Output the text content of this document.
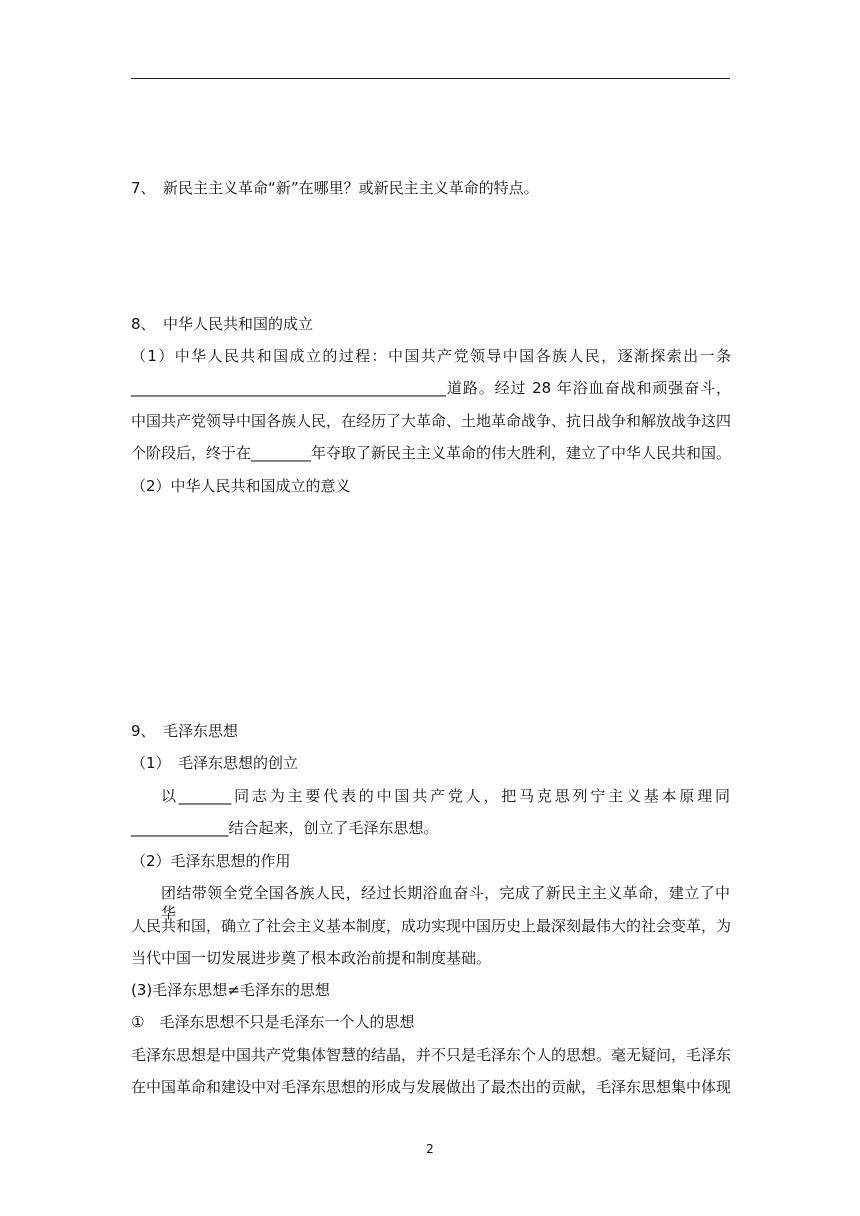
7、　新民主主义革命“新”在哪里？或新民主主义革命的特点。
8、　中华人民共和国的成立
（1）中华人民共和国成立的过程：中国共产党领导中国各族人民，逐渐探索出一条
__________________________________________道路。经过 28 年浴血奋战和顽强奋斗，
中国共产党领导中国各族人民，在经历了大革命、土地革命战争、抗日战争和解放战争这四
个阶段后，终于在________年夺取了新民主主义革命的伟大胜利，建立了中华人民共和国。
（2）中华人民共和国成立的意义
9、　毛泽东思想
（1）　毛泽东思想的创立
以_______同志为主要代表的中国共产党人，把马克思列宁主义基本原理同
_____________结合起来，创立了毛泽东思想。
（2）毛泽东思想的作用
团结带领全党全国各族人民，经过长期浴血奋斗，完成了新民主主义革命，建立了中华
人民共和国，确立了社会主义基本制度，成功实现中国历史上最深刻最伟大的社会变革，为
当代中国一切发展进步奠了根本政治前提和制度基础。
(3)毛泽东思想≠毛泽东的思想
①　毛泽东思想不只是毛泽东一个人的思想
毛泽东思想是中国共产党集体智慧的结晶，并不只是毛泽东个人的思想。毫无疑问，毛泽东
在中国革命和建设中对毛泽东思想的形成与发展做出了最杰出的贡献，毛泽东思想集中体现
2
